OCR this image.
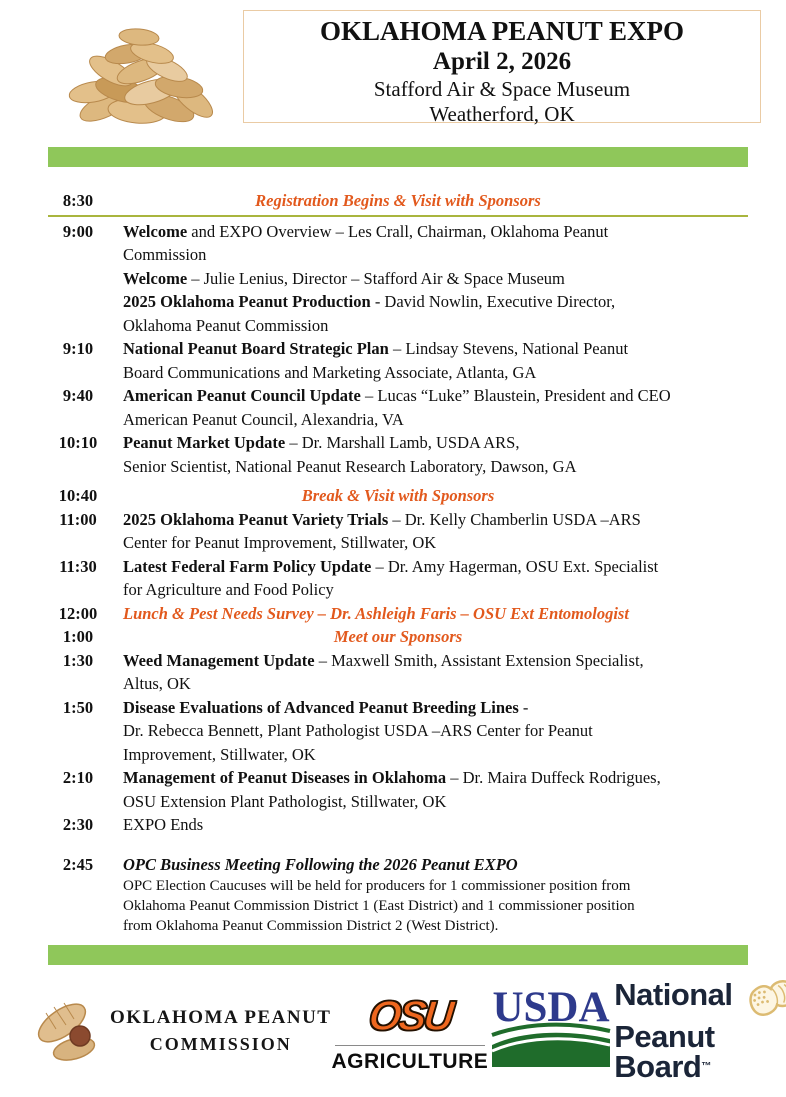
OKLAHOMA PEANUT EXPO
April 2, 2026
Stafford Air & Space Museum
Weatherford, OK
8:30	Registration Begins & Visit with Sponsors
9:00	Welcome and EXPO Overview – Les Crall, Chairman, Oklahoma Peanut
Commission
Welcome – Julie Lenius, Director – Stafford Air & Space Museum
2025 Oklahoma Peanut Production - David Nowlin, Executive Director,
Oklahoma Peanut Commission
9:10	National Peanut Board Strategic Plan – Lindsay Stevens, National Peanut
Board Communications and Marketing Associate, Atlanta, GA
9:40	American Peanut Council Update – Lucas “Luke” Blaustein, President and CEO
American Peanut Council, Alexandria, VA
10:10	Peanut Market Update – Dr. Marshall Lamb, USDA ARS,
Senior Scientist, National Peanut Research Laboratory, Dawson, GA
10:40	Break & Visit with Sponsors
11:00	2025 Oklahoma Peanut Variety Trials – Dr. Kelly Chamberlin USDA –ARS
Center for Peanut Improvement, Stillwater, OK
11:30	Latest Federal Farm Policy Update – Dr. Amy Hagerman, OSU Ext. Specialist
for Agriculture and Food Policy
12:00	Lunch & Pest Needs Survey – Dr. Ashleigh Faris – OSU Ext Entomologist
1:00	Meet our Sponsors
1:30	Weed Management Update – Maxwell Smith, Assistant Extension Specialist,
Altus, OK
1:50	Disease Evaluations of Advanced Peanut Breeding Lines -
Dr. Rebecca Bennett, Plant Pathologist USDA –ARS Center for Peanut
Improvement, Stillwater, OK
2:10	Management of Peanut Diseases in Oklahoma – Dr. Maira Duffeck Rodrigues,
OSU Extension Plant Pathologist, Stillwater, OK
2:30	EXPO Ends
2:45	OPC Business Meeting Following the 2026 Peanut EXPO
OPC Election Caucuses will be held for producers for 1 commissioner position from
Oklahoma Peanut Commission District 1 (East District) and 1 commissioner position
from Oklahoma Peanut Commission District 2 (West District).
OKLAHOMA PEANUT
COMMISSION
OSU
AGRICULTURE
USDA National
Peanut Board™
